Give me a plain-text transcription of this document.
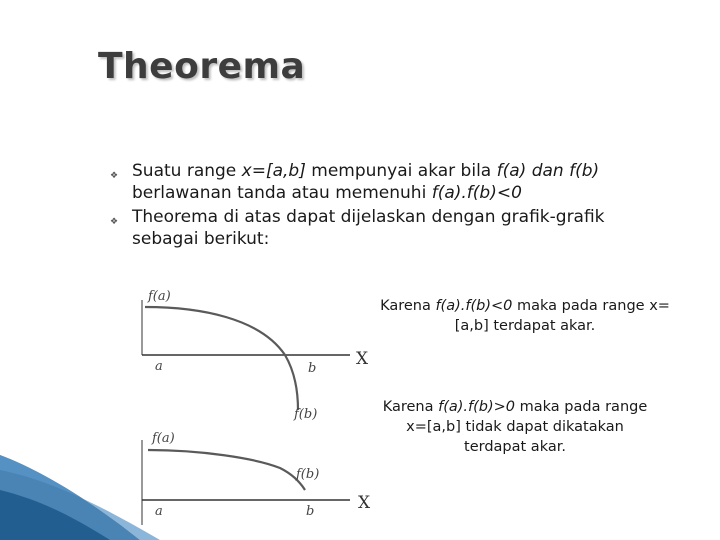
Theorema
❖ Suatu range x=[a,b] mempunyai akar bila f(a) dan f(b) berlawanan tanda atau memenuhi f(a).f(b)<0
❖ Theorema di atas dapat dijelaskan dengan grafik-grafik sebagai berikut:
f(a)
a	b
f(b)
X
f(a)
a	b
f(b)
X
Karena f(a).f(b)<0 maka pada range x=[a,b] terdapat akar.
Karena f(a).f(b)>0 maka pada range x=[a,b] tidak dapat dikatakan terdapat akar.
